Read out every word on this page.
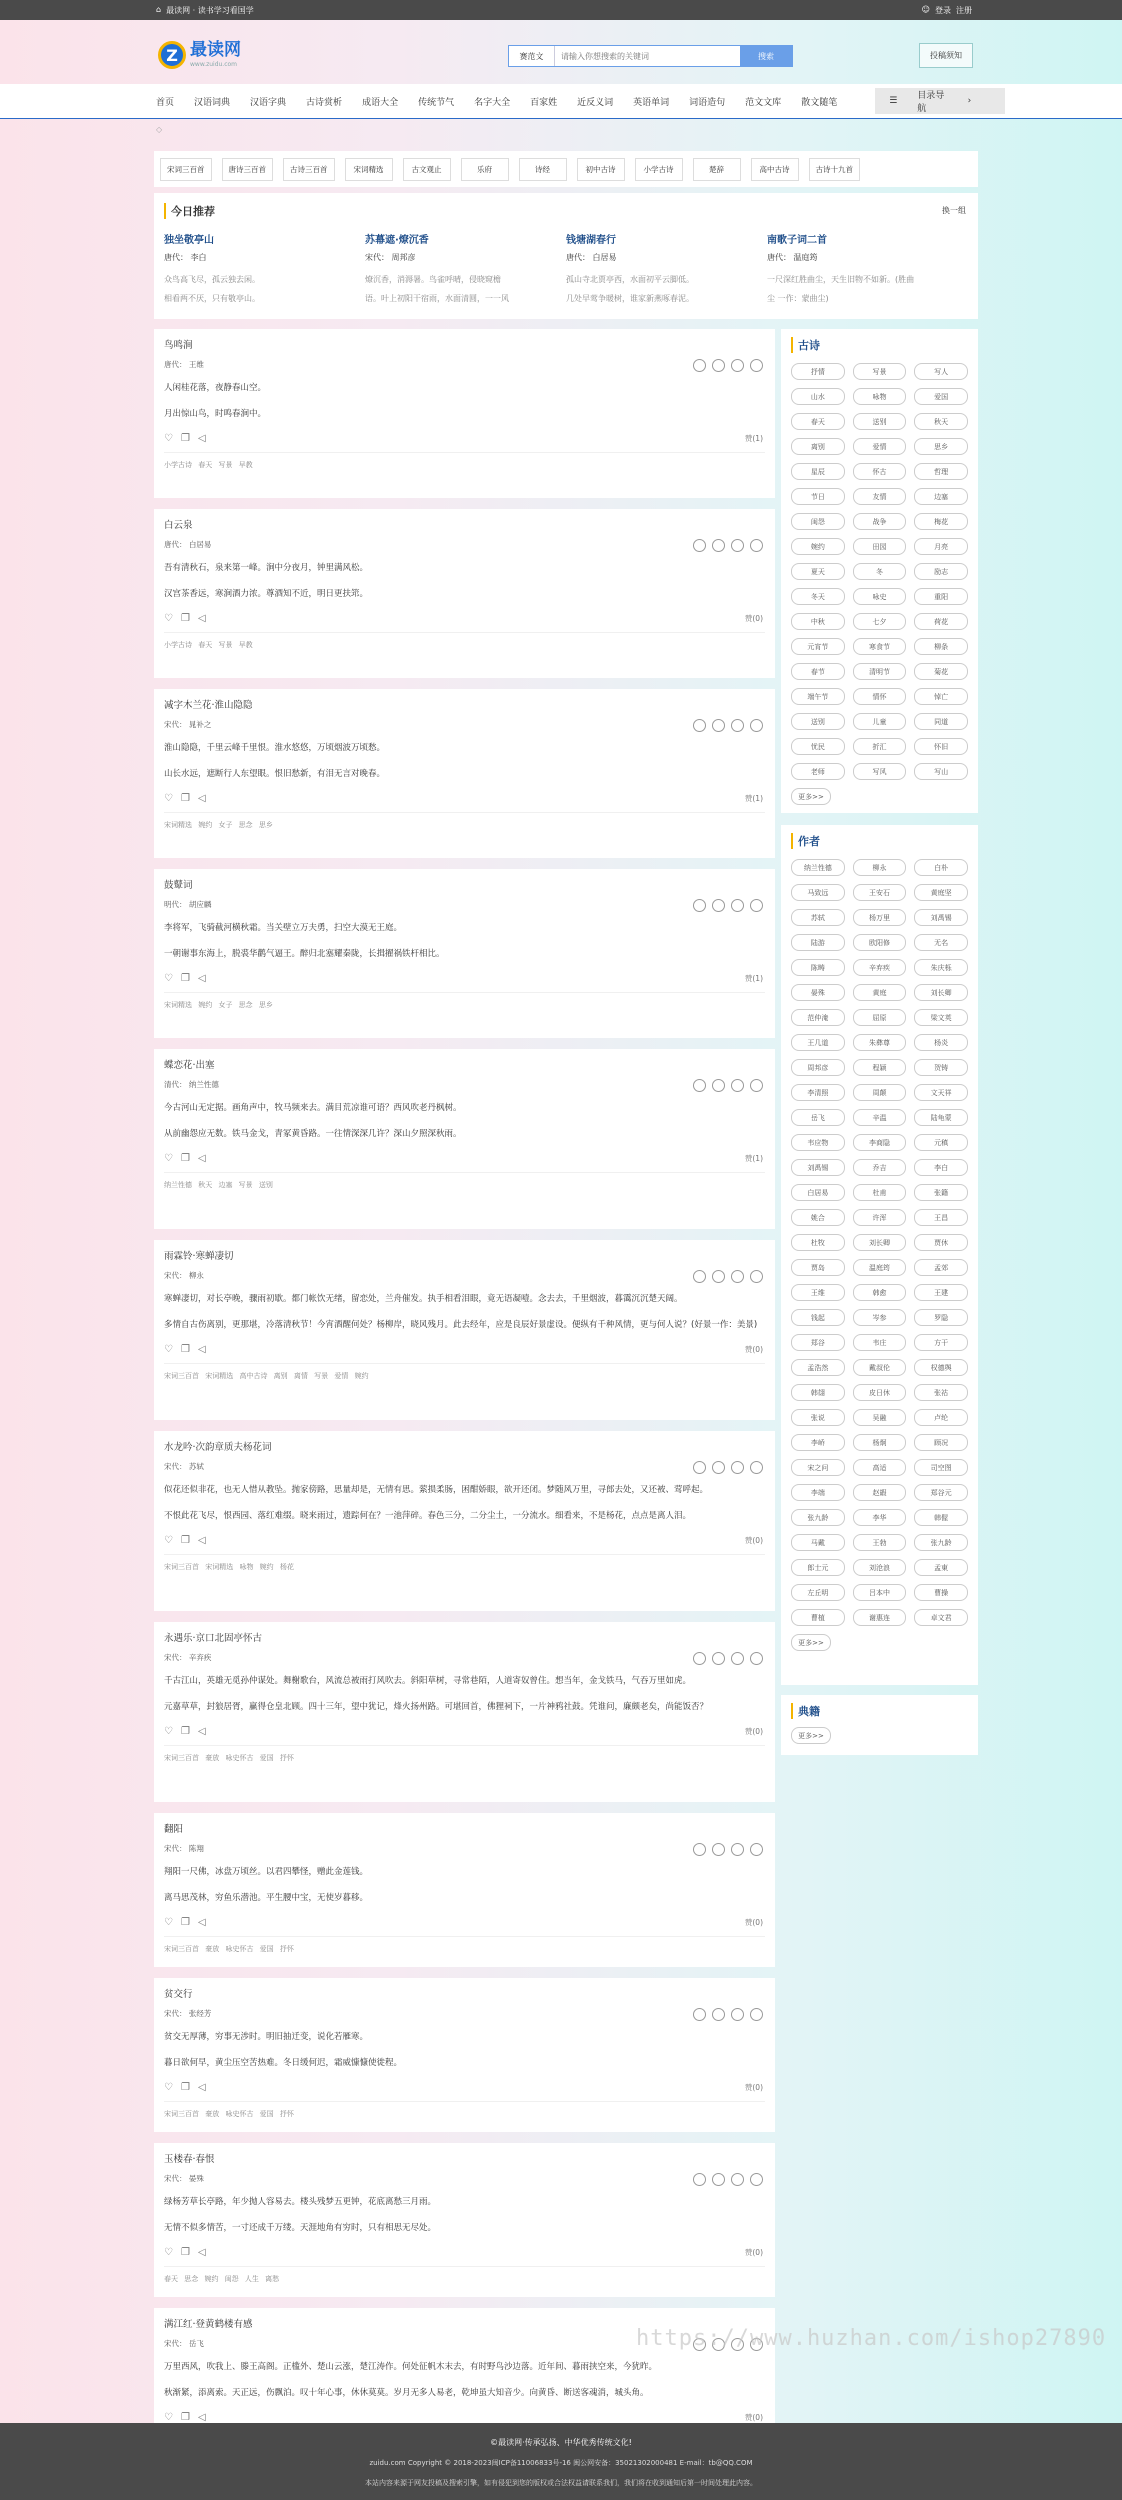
⌂ 最读网 · 读书学习看国学	☺ 登录 注册
Z 最读网
www.zuidu.com
赛范文
请输入你想搜索的关键词	搜索	投稿须知
首页 汉语词典 汉语字典 古诗赏析 成语大全 传统节气 名字大全 百家姓 近反义词 英语单词 词语造句 范文文库 散文随笔	☰ 目录导航
›
◇
宋词三百首	唐诗三百首	古诗三百首	宋词精选	古文观止	乐府	诗经	初中古诗	小学古诗	楚辞	高中古诗	古诗十九首
今日推荐	换一组
独坐敬亭山
唐代： 李白
众鸟高飞尽，孤云独去闲。
相看两不厌，只有敬亭山。
苏幕遮·燎沉香
宋代： 周邦彦
燎沉香，消溽暑。鸟雀呼晴，侵晓窥檐
语。叶上初阳干宿雨，水面清圆，一一风
钱塘湖春行
唐代： 白居易
孤山寺北贾亭西，水面初平云脚低。
几处早莺争暖树，谁家新燕啄春泥。
南歌子词二首
唐代： 温庭筠
一尺深红胜曲尘，天生旧物不如新。(胜曲
尘 一作：蒙曲尘)
鸟鸣涧
唐代： 王维
人闲桂花落，夜静春山空。
月出惊山鸟，时鸣春涧中。
♡ ❐ ◁	赞(1)
小学古诗 春天 写景 早教
白云泉
唐代： 白居易
吾有清秋石，泉来第一峰。涧中分夜月，钟里满风松。
汉宫茶香远，寒涧酒力浓。尊酒知不近，明日更扶筇。
♡ ❐ ◁	赞(0)
小学古诗 春天 写景 早教
减字木兰花·淮山隐隐
宋代： 晁补之
淮山隐隐，千里云峰千里恨。淮水悠悠，万顷烟波万顷愁。
山长水远，遮断行人东望眼。恨旧愁新，有泪无言对晚春。
♡ ❐ ◁	赞(1)
宋词精选 婉约 女子 思念 思乡
鼓鼙词
明代： 胡应麟
李将军，飞骑截河横秋霜。当关壁立万夫勇，扫空大漠无王庭。
一朝谢事东海上，脱裘华鹳气逼王。醉归北塞耀秦陇，长揖擢祸铁杆相比。
♡ ❐ ◁	赞(1)
宋词精选 婉约 女子 思念 思乡
蝶恋花·出塞
清代： 纳兰性德
今古河山无定据。画角声中，牧马频来去。满目荒凉谁可语？西风吹老丹枫树。
从前幽怨应无数。铁马金戈，青冢黄昏路。一往情深深几许？深山夕照深秋雨。
♡ ❐ ◁	赞(1)
纳兰性德 秋天 边塞 写景 送别
雨霖铃·寒蝉凄切
宋代： 柳永
寒蝉凄切，对长亭晚，骤雨初歇。都门帐饮无绪，留恋处，兰舟催发。执手相看泪眼，竟无语凝噎。念去去，千里烟波，暮霭沉沉楚天阔。
多情自古伤离别，更那堪，冷落清秋节！今宵酒醒何处？杨柳岸，晓风残月。此去经年，应是良辰好景虚设。便纵有千种风情，更与何人说？(好景一作：美景)
♡ ❐ ◁	赞(0)
宋词三百首 宋词精选 高中古诗 离别 离情 写景 爱情 婉约
水龙吟·次韵章质夫杨花词
宋代： 苏轼
似花还似非花，也无人惜从教坠。抛家傍路，思量却是，无情有思。萦损柔肠，困酣娇眼，欲开还闭。梦随风万里，寻郎去处，又还被、莺呼起。
不恨此花飞尽，恨西园、落红难缀。晓来雨过，遗踪何在？一池萍碎。春色三分，二分尘土，一分流水。细看来，不是杨花，点点是离人泪。
♡ ❐ ◁	赞(0)
宋词三百首 宋词精选 咏物 婉约 杨花
永遇乐·京口北固亭怀古
宋代： 辛弃疾
千古江山，英雄无觅孙仲谋处。舞榭歌台，风流总被雨打风吹去。斜阳草树，寻常巷陌，人道寄奴曾住。想当年，金戈铁马，气吞万里如虎。
元嘉草草，封狼居胥，赢得仓皇北顾。四十三年，望中犹记，烽火扬州路。可堪回首，佛狸祠下，一片神鸦社鼓。凭谁问，廉颇老矣，尚能饭否？
♡ ❐ ◁	赞(0)
宋词三百首 豪放 咏史怀古 爱国 抒怀
翻阳
宋代： 陈翔
翔阳一尺佛，冰盘万顷丝。以君四攀怪，赠此金莲钱。
离马思茂林，穷鱼乐潜池。平生腰中宝，无使岁暮移。
♡ ❐ ◁	赞(0)
宋词三百首 豪放 咏史怀古 爱国 抒怀
贫交行
宋代： 张经芳
贫交无厚薄，穷事无涉时。明旧抽迁变，说化若雁寒。
暮日欲何早，黄尘压空苦热难。冬日缓何迟，霜威慷慷使徙程。
♡ ❐ ◁	赞(0)
宋词三百首 豪放 咏史怀古 爱国 抒怀
玉楼春·春恨
宋代： 晏殊
绿杨芳草长亭路，年少抛人容易去。楼头残梦五更钟，花底离愁三月雨。
无情不似多情苦，一寸还成千万缕。天涯地角有穷时，只有相思无尽处。
♡ ❐ ◁	赞(0)
春天 思念 婉约 闺怨 人生 离愁
满江红·登黄鹤楼有感
宋代： 岳飞
万里西风，吹我上、滕王高阁。正槛外、楚山云涨，楚江涛作。何处征帆木末去，有时野鸟沙边落。近年间、暮雨挟空来，今犹昨。
秋渐紧，添离索。天正远，伤飘泊。叹十年心事，休休莫莫。岁月无多人易老，乾坤虽大知音少。向黄昏、断送客魂消，城头角。
♡ ❐ ◁	赞(0)
古诗
抒情	写景	写人
山水	咏物	爱国
春天	送别	秋天
离别	爱情	思乡
星辰	怀古	哲理
节日	友情	边塞
闺怨	战争	梅花
婉约	田园	月亮
夏天	冬	励志
冬天	咏史	重阳
中秋	七夕	荷花
元宵节	寒食节	柳条
春节	清明节	菊花
端午节	情怀	悼亡
送别	儿童	同道
忧民	折汇	怀旧
老师	写风	写山
更多>>
作者
纳兰性德	柳永	白朴
马致远	王安石	黄庭坚
苏轼	杨万里	刘禹锡
陆游	欧阳修	无名
陈畴	辛弃疾	朱庆栎
晏殊	黄庭	刘长卿
范仲淹	屈原	梁文英
王几道	朱彝尊	杨炎
周邦彦	程颖	贺铸
李清照	周颠	文天祥
岳飞	辛温	陆龟蒙
韦应物	李商隐	元稹
刘禹锡	乔吉	李白
白居易	杜甫	张籍
姚合	许浑	王昌
杜牧	刘长卿	贾休
贾岛	温庭筠	孟郊
王维	韩愈	王建
钱起	岑参	罗隐
郑谷	韦庄	方干
孟浩然	戴叔伦	权德舆
韩翃	皮日休	张祜
张说	吴融	卢纶
李峤	杨炯	顾况
宋之问	高适	司空图
李端	赵嘏	郑谷元
张九龄	李华	韩偓
马戴	王勃	张九龄
郎士元	刘沧浪	孟東
左丘明	吕本中	曹操
曹植	谢惠连	卓文君
更多>>
典籍
更多>>
https://www.huzhan.com/ishop27890
©最读网·传承弘扬、中华优秀传统文化!
zuidu.com Copyright © 2018-2023闽ICP备11006833号-16 闽公网安备：35021302000481 E-mail：tb@QQ.COM
本站内容来源于网友投稿及搜索引擎，如有侵犯到您的版权或合法权益请联系我们，我们将在收到通知后第一时间处理此内容。
